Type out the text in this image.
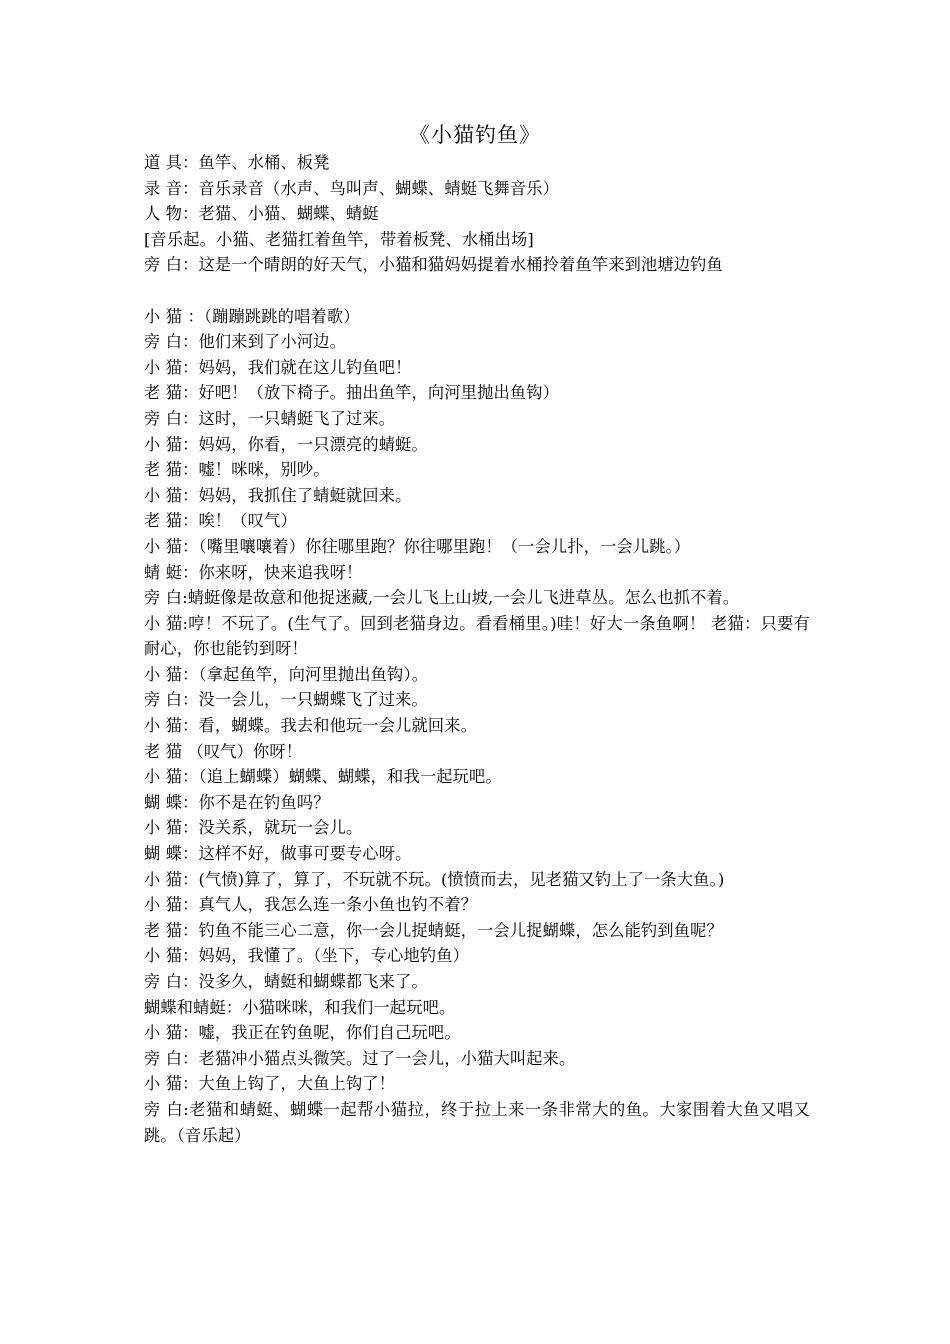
《小猫钓鱼》
道 具：鱼竿、水桶、板凳
录 音：音乐录音（水声、鸟叫声、蝴蝶、蜻蜓飞舞音乐）
人 物：老猫、小猫、蝴蝶、蜻蜓
[音乐起。小猫、老猫扛着鱼竿，带着板凳、水桶出场]
旁 白：这是一个晴朗的好天气，小猫和猫妈妈提着水桶拎着鱼竿来到池塘边钓鱼
小 猫 ：（蹦蹦跳跳的唱着歌）
旁 白：他们来到了小河边。
小 猫：妈妈，我们就在这儿钓鱼吧！
老 猫：好吧！（放下椅子。抽出鱼竿，向河里抛出鱼钩）
旁 白：这时，一只蜻蜓飞了过来。
小 猫：妈妈，你看，一只漂亮的蜻蜓。
老 猫：嘘！咪咪，别吵。
小 猫：妈妈，我抓住了蜻蜓就回来。
老 猫：唉！（叹气）
小 猫：（嘴里嚷嚷着）你往哪里跑？你往哪里跑！（一会儿扑，一会儿跳。）
蜻 蜓：你来呀，快来追我呀！
旁 白:蜻蜓像是故意和他捉迷藏,一会儿飞上山坡,一会儿飞进草丛。怎么也抓不着。
小 猫:哼！不玩了。(生气了。回到老猫身边。看看桶里。)哇！好大一条鱼啊！ 老猫：只要有耐心，你也能钓到呀！
小 猫：（拿起鱼竿，向河里抛出鱼钩）。
旁 白：没一会儿，一只蝴蝶飞了过来。
小 猫：看，蝴蝶。我去和他玩一会儿就回来。
老 猫 （叹气）你呀！
小 猫：（追上蝴蝶）蝴蝶、蝴蝶，和我一起玩吧。
蝴 蝶：你不是在钓鱼吗？
小 猫：没关系，就玩一会儿。
蝴 蝶：这样不好，做事可要专心呀。
小 猫：(气愤)算了，算了，不玩就不玩。(愤愤而去，见老猫又钓上了一条大鱼。)
小 猫：真气人，我怎么连一条小鱼也钓不着？
老 猫：钓鱼不能三心二意，你一会儿捉蜻蜓，一会儿捉蝴蝶，怎么能钓到鱼呢？
小 猫：妈妈，我懂了。（坐下，专心地钓鱼）
旁 白：没多久，蜻蜓和蝴蝶都飞来了。
蝴蝶和蜻蜓：小猫咪咪，和我们一起玩吧。
小 猫：嘘，我正在钓鱼呢，你们自己玩吧。
旁 白：老猫冲小猫点头微笑。过了一会儿，小猫大叫起来。
小 猫：大鱼上钩了，大鱼上钩了！
旁 白:老猫和蜻蜓、蝴蝶一起帮小猫拉，终于拉上来一条非常大的鱼。大家围着大鱼又唱又跳。（音乐起）
